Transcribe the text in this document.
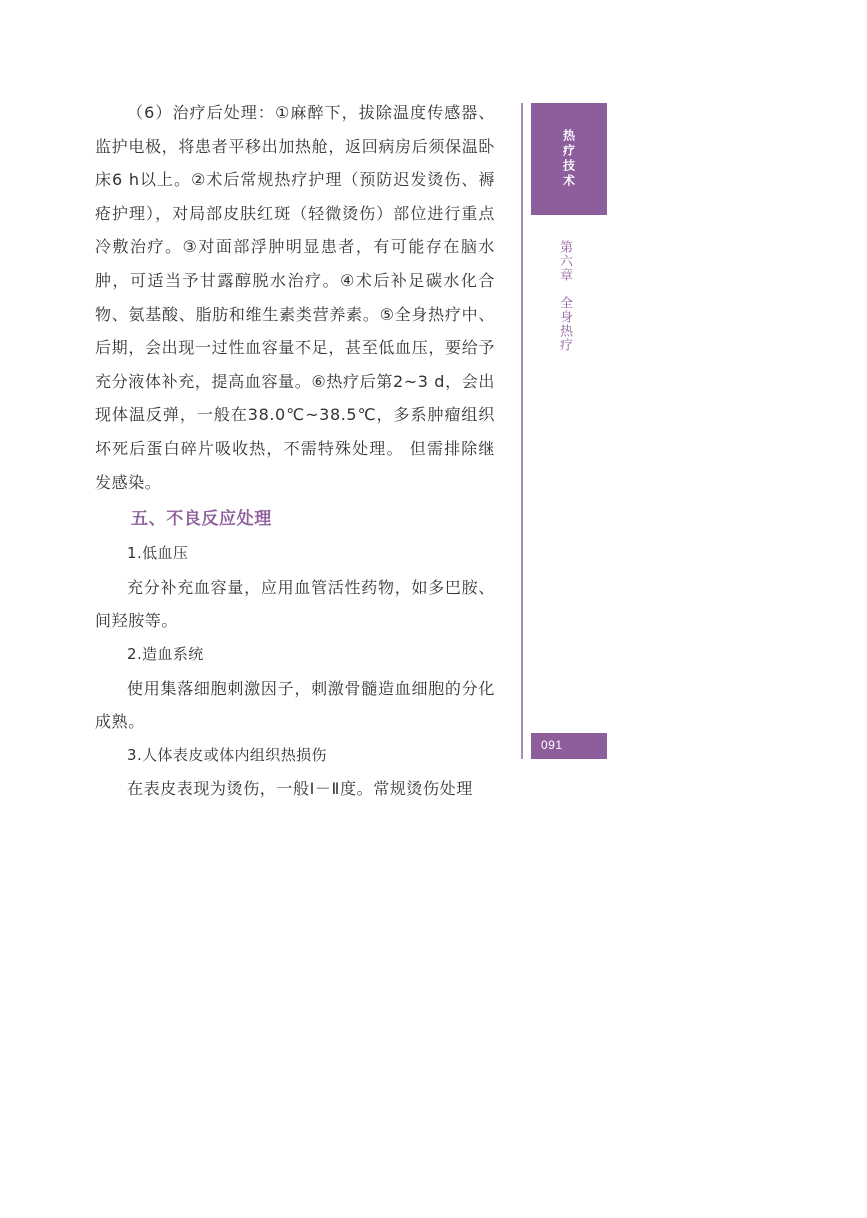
（6）治疗后处理：①麻醉下，拔除温度传感器、监护电极，将患者平移出加热舱，返回病房后须保温卧床6 h以上。②术后常规热疗护理（预防迟发烫伤、褥疮护理），对局部皮肤红斑（轻微烫伤）部位进行重点冷敷治疗。③对面部浮肿明显患者，有可能存在脑水肿，可适当予甘露醇脱水治疗。④术后补足碳水化合物、氨基酸、脂肪和维生素类营养素。⑤全身热疗中、后期，会出现一过性血容量不足，甚至低血压，要给予充分液体补充，提高血容量。⑥热疗后第2~3 d，会出现体温反弹，一般在38.0℃~38.5℃，多系肿瘤组织坏死后蛋白碎片吸收热，不需特殊处理。 但需排除继发感染。

五、不良反应处理

1.低血压

充分补充血容量，应用血管活性药物，如多巴胺、间羟胺等。

2.造血系统

使用集落细胞刺激因子，刺激骨髓造血细胞的分化成熟。

3.人体表皮或体内组织热损伤

在表皮表现为烫伤，一般Ⅰ－Ⅱ度。常规烫伤处理

热疗技术
第六章　全身热疗
091
